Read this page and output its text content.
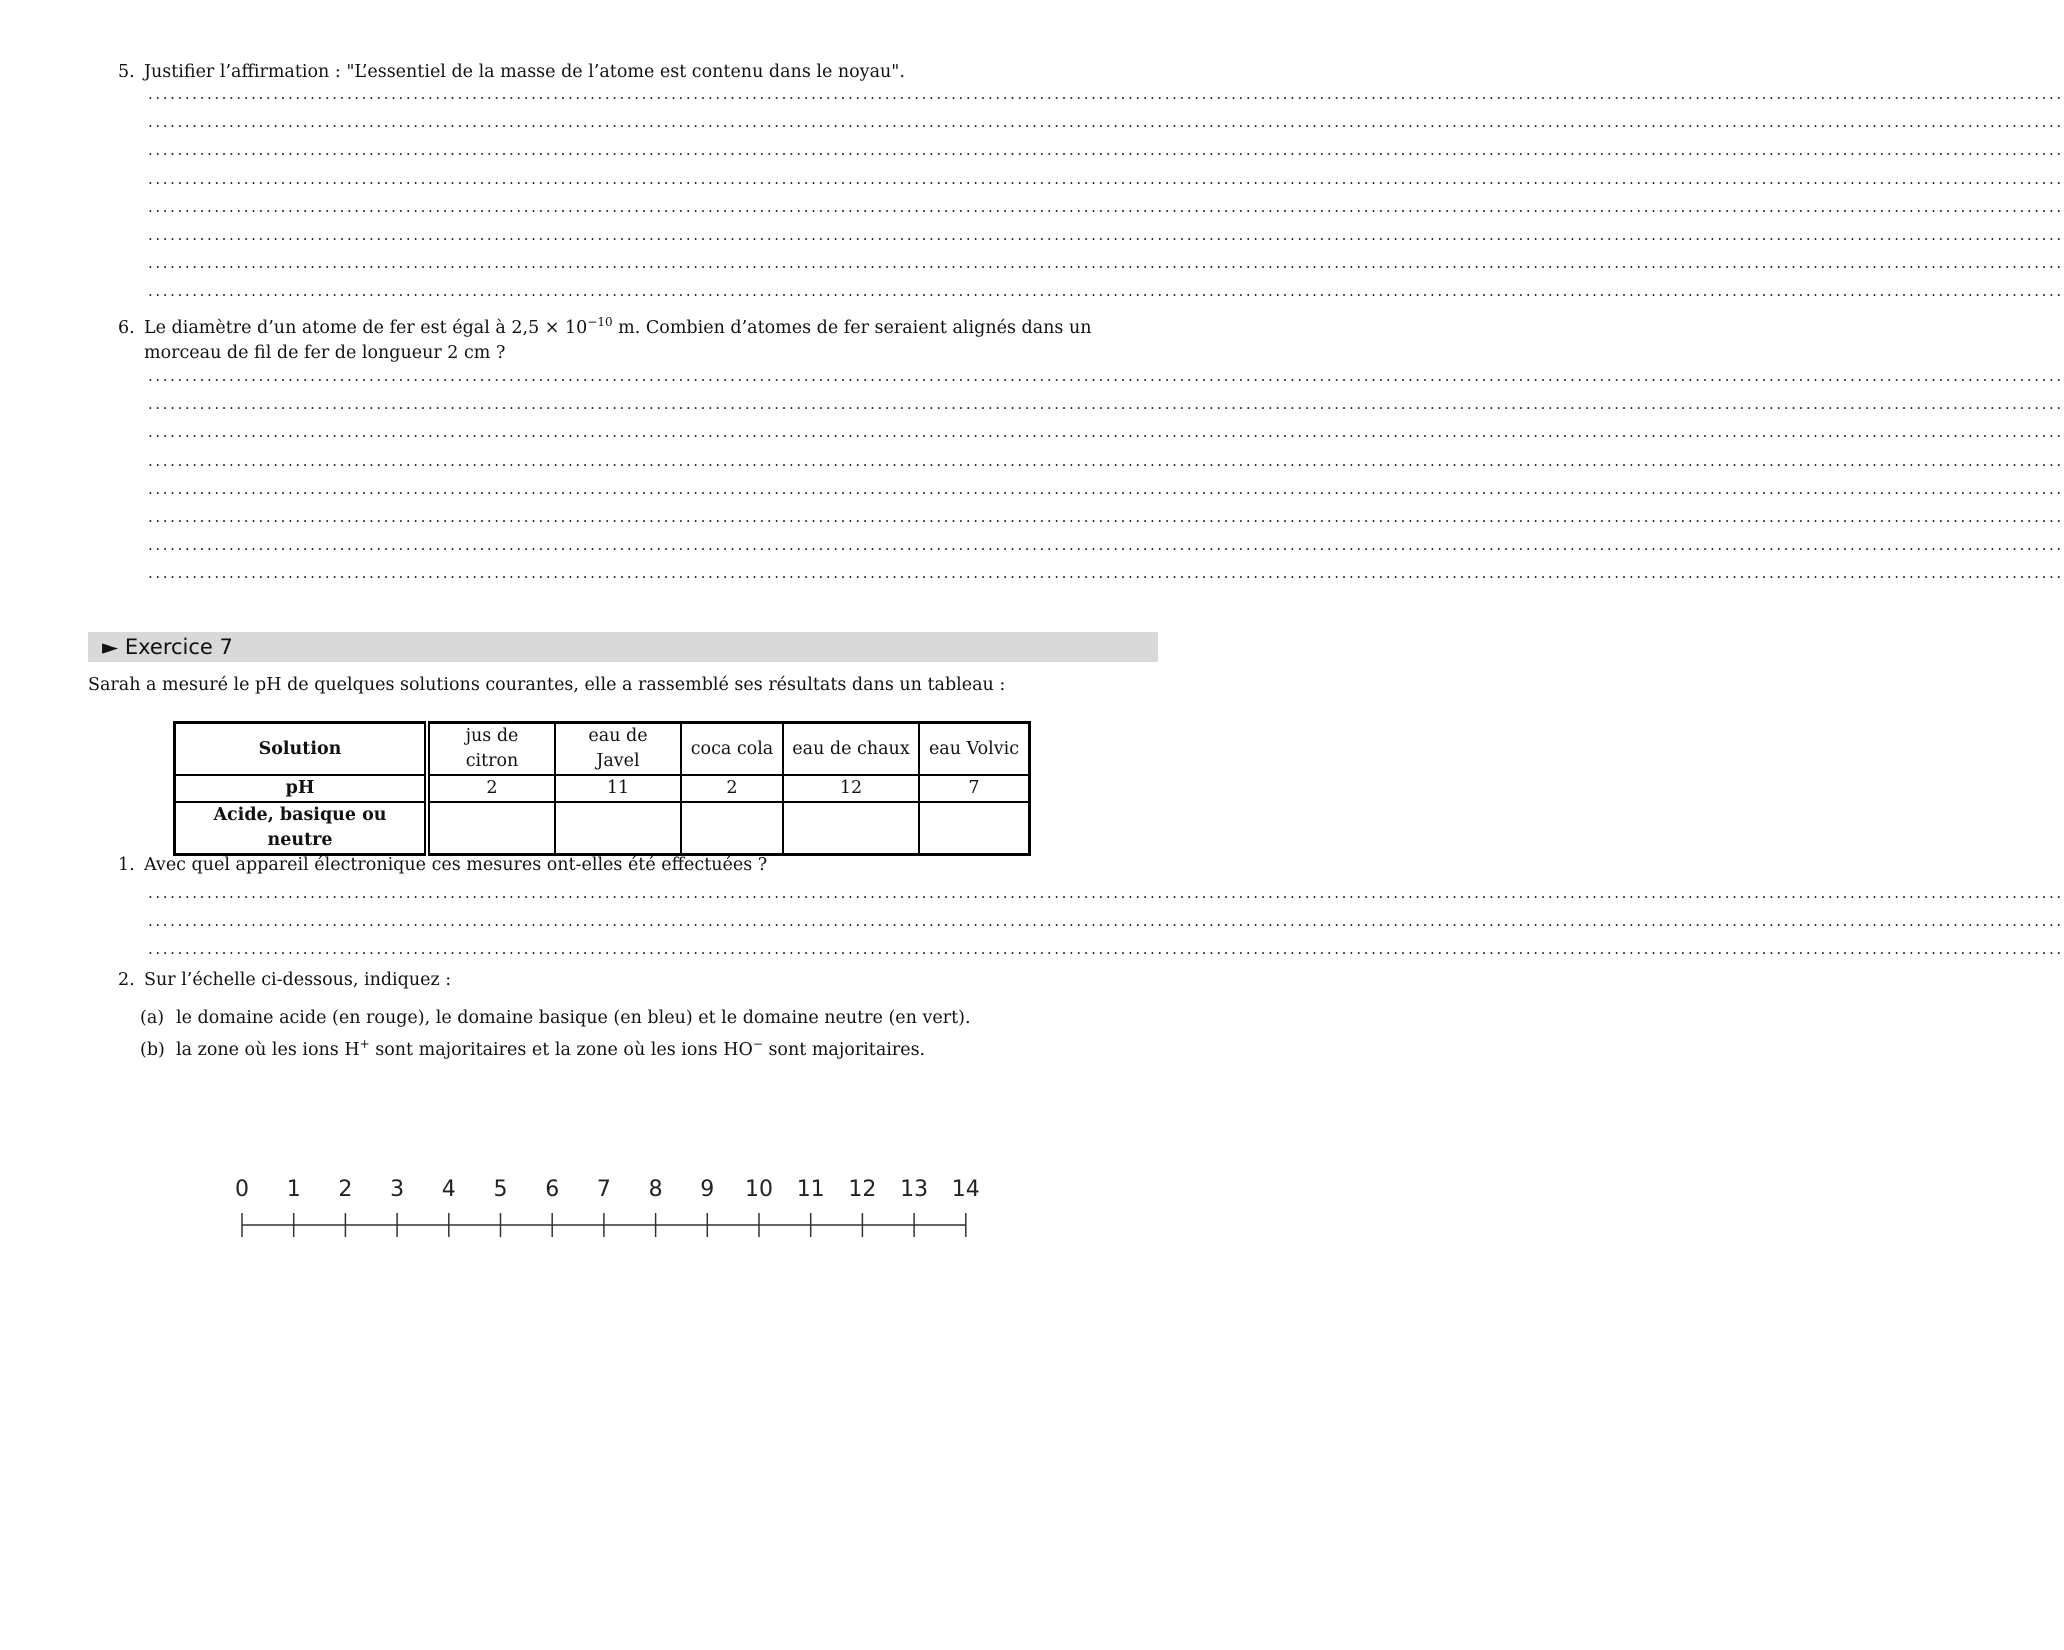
5. Justifier l’affirmation : "L’essentiel de la masse de l’atome est contenu dans le noyau".
....................................................................................................................................................................................................................................................................
....................................................................................................................................................................................................................................................................
....................................................................................................................................................................................................................................................................
....................................................................................................................................................................................................................................................................
....................................................................................................................................................................................................................................................................
....................................................................................................................................................................................................................................................................
....................................................................................................................................................................................................................................................................
....................................................................................................................................................................................................................................................................
6. Le diamètre d’un atome de fer est égal à $2,5 \times 10^{-10}$ m. Combien d’atomes de fer seraient alignés dans un morceau de fil de fer de longueur 2 cm ?
....................................................................................................................................................................................................................................................................
....................................................................................................................................................................................................................................................................
....................................................................................................................................................................................................................................................................
....................................................................................................................................................................................................................................................................
....................................................................................................................................................................................................................................................................
....................................................................................................................................................................................................................................................................
....................................................................................................................................................................................................................................................................
....................................................................................................................................................................................................................................................................
► Exercice 7
Sarah a mesuré le pH de quelques solutions courantes, elle a rassemblé ses résultats dans un tableau :
Solution	jus de citron	eau de Javel	coca cola	eau de chaux	eau Volvic
pH	2	11	2	12	7
Acide, basique ou neutre					
1. Avec quel appareil électronique ces mesures ont-elles été effectuées ?
....................................................................................................................................................................................................................................................................
....................................................................................................................................................................................................................................................................
....................................................................................................................................................................................................................................................................
2. Sur l’échelle ci-dessous, indiquez :
(a) le domaine acide (en rouge), le domaine basique (en bleu) et le domaine neutre (en vert).
(b) la zone où les ions H+ sont majoritaires et la zone où les ions HO− sont majoritaires.
0 1 2 3 4 5 6 7 8 9 10 11 12 13 14
